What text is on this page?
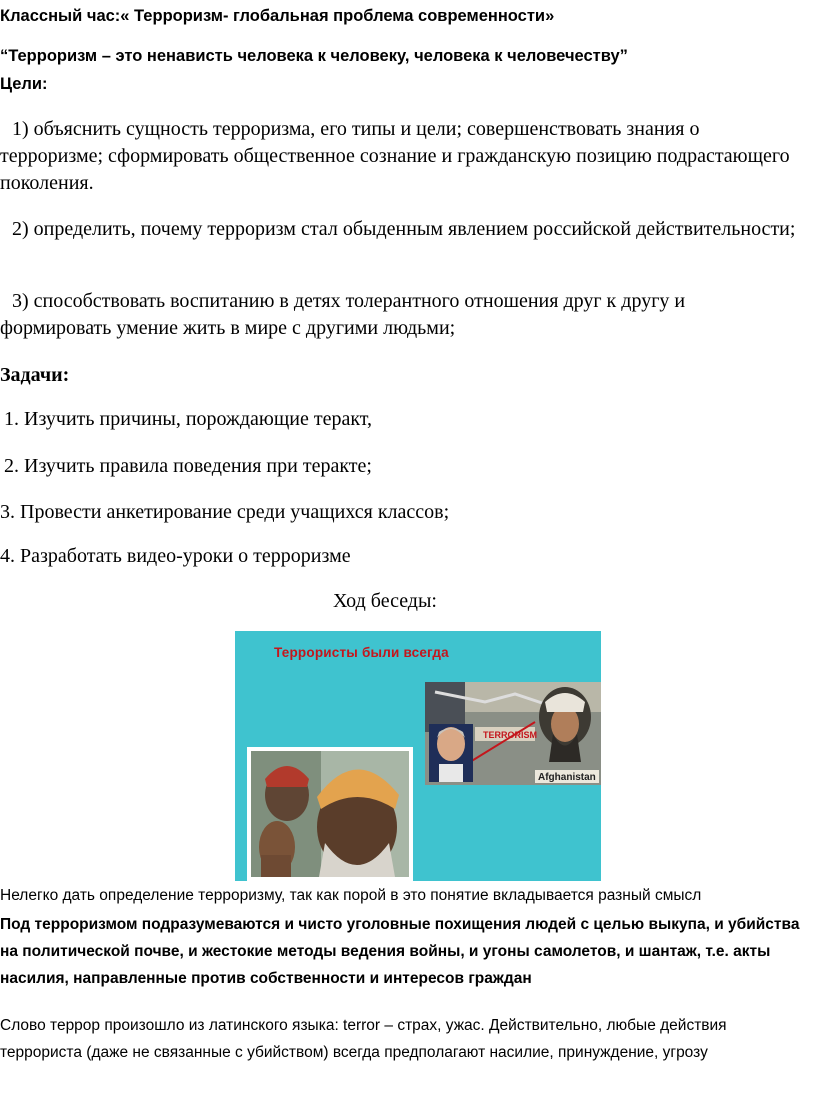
Классный час:« Терроризм- глобальная проблема современности»
“Терроризм – это ненависть человека к человеку, человека к человечеству”
Цели:
1) объяснить сущность терроризма, его типы и цели; совершенствовать знания о терроризме; сформировать общественное сознание и гражданскую позицию подрастающего поколения.
2) определить, почему терроризм стал обыденным явлением российской действительности;
3) способствовать воспитанию в детях толерантного отношения друг к другу и формировать умение жить в мире с другими людьми;
Задачи:
1. Изучить причины, порождающие теракт,
2. Изучить правила поведения при теракте;
3. Провести анкетирование среди учащихся классов;
4. Разработать видео-уроки о терроризме
Ход беседы:
Террористы были всегда
TERRORISM
Afghanistan
Нелегко дать определение терроризму, так как порой в это понятие вкладывается разный смысл
Под терроризмом подразумеваются и чисто уголовные похищения людей с целью выкупа, и убийства на политической почве, и жестокие методы ведения войны, и угоны самолетов, и шантаж, т.е. акты насилия, направленные против собственности и интересов граждан
Слово террор произошло из латинского языка: terror – страх, ужас. Действительно, любые действия террориста (даже не связанные с убийством) всегда предполагают насилие, принуждение, угрозу
